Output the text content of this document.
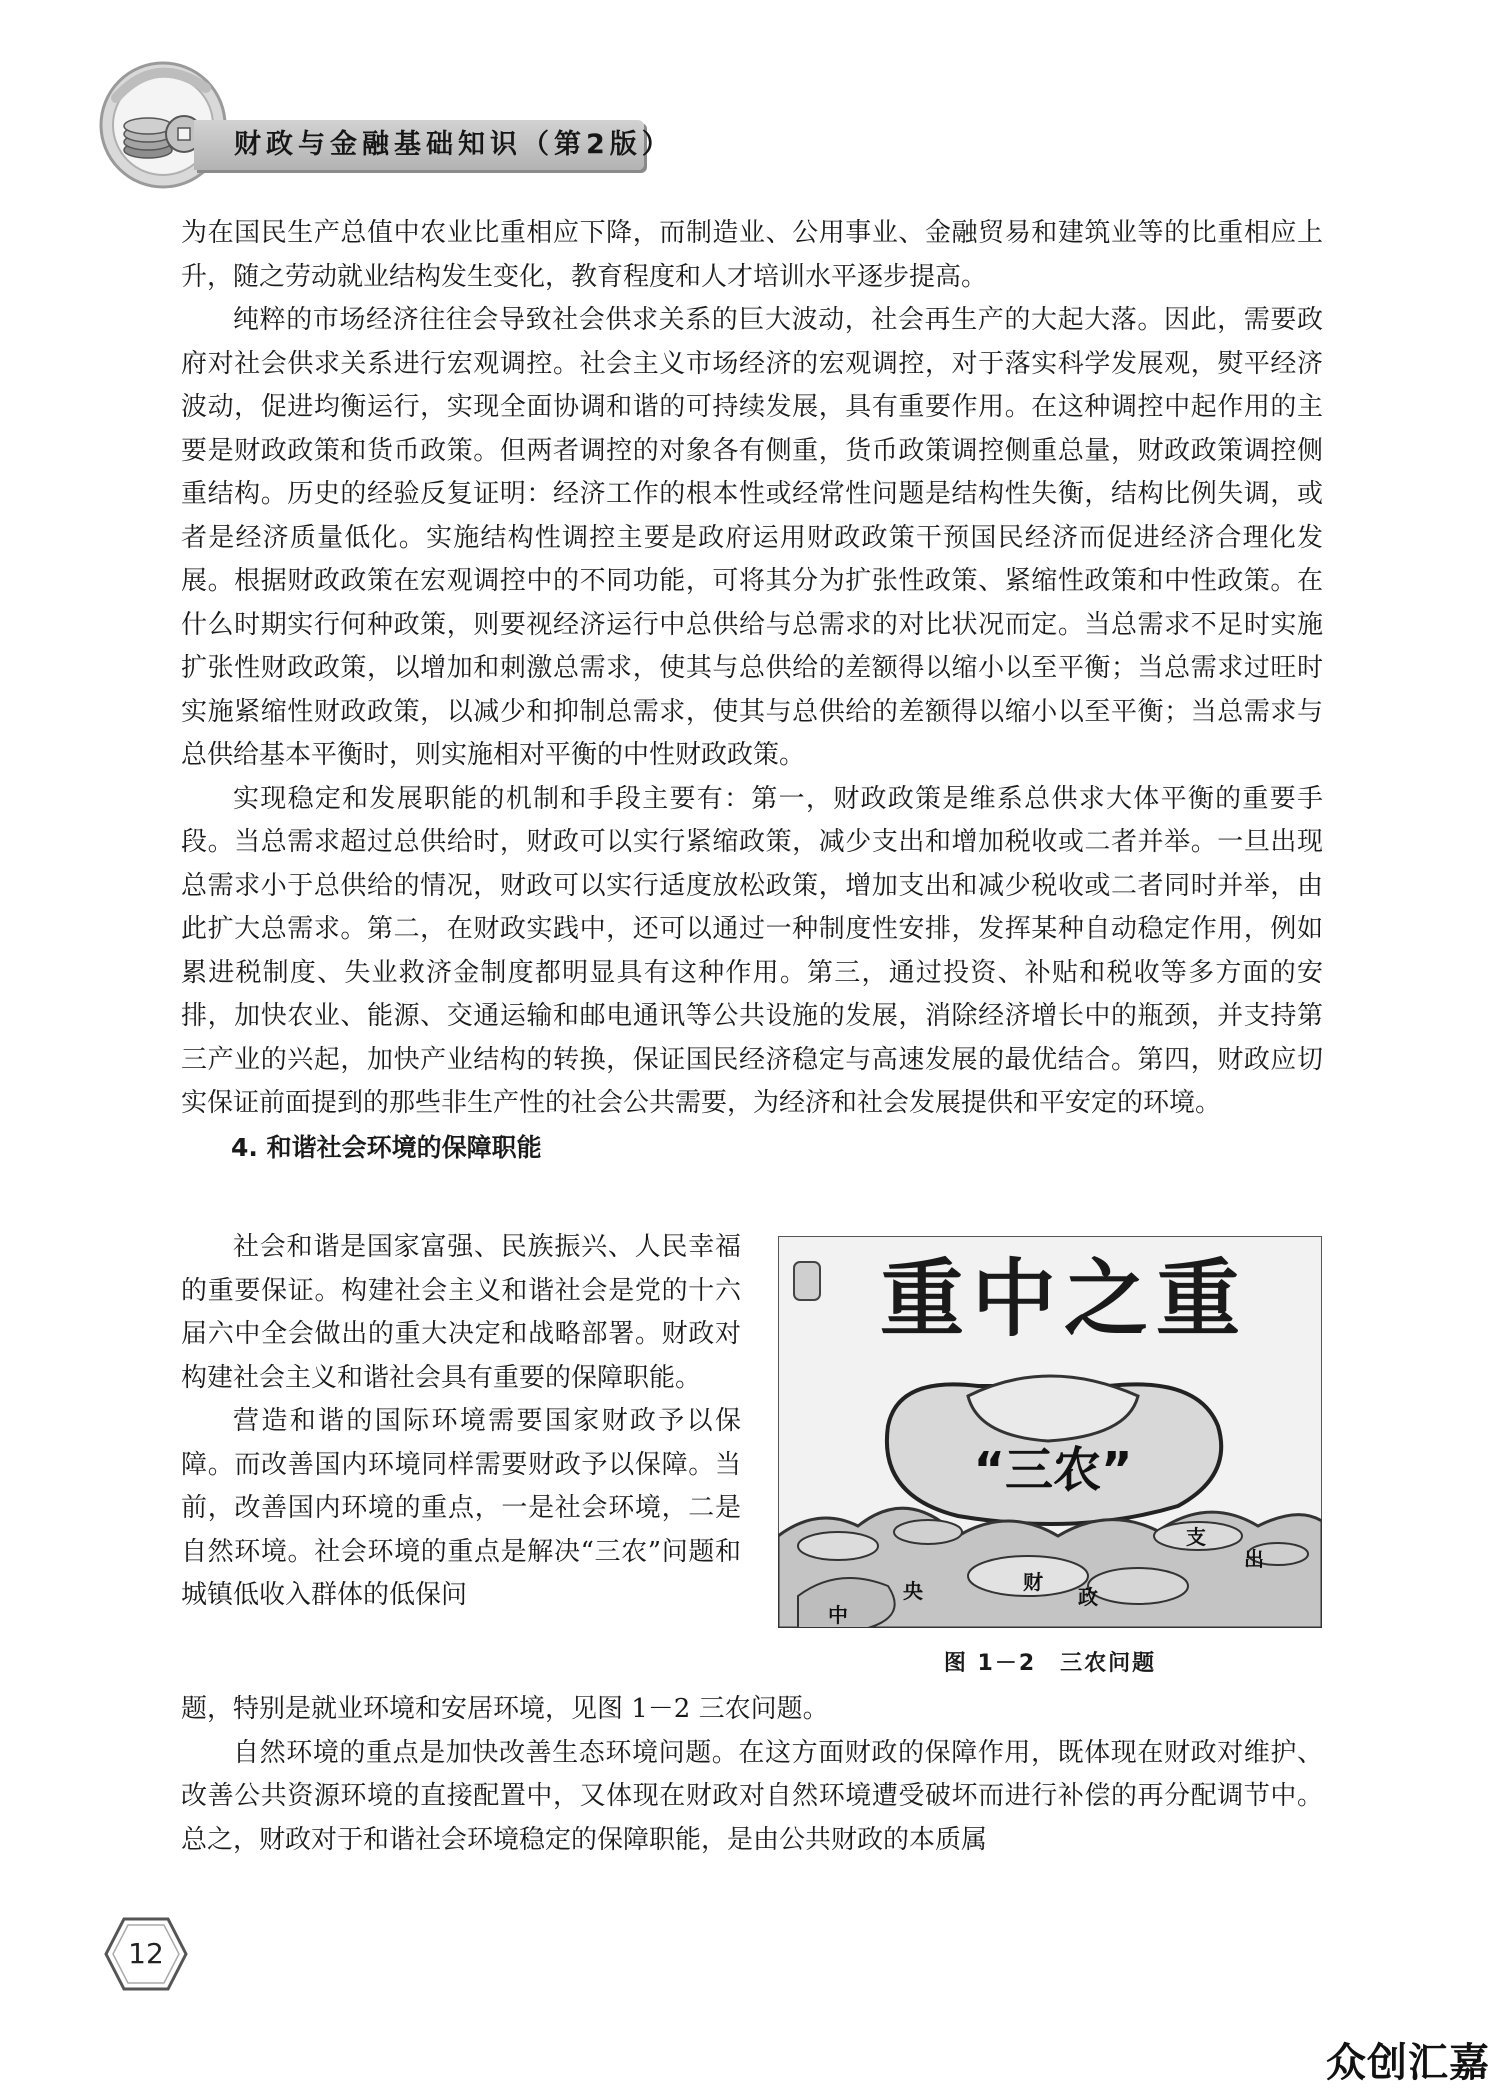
财政与金融基础知识（第2版）

为在国民生产总值中农业比重相应下降，而制造业、公用事业、金融贸易和建筑业等的比重相应上升，随之劳动就业结构发生变化，教育程度和人才培训水平逐步提高。

纯粹的市场经济往往会导致社会供求关系的巨大波动，社会再生产的大起大落。因此，需要政府对社会供求关系进行宏观调控。社会主义市场经济的宏观调控，对于落实科学发展观，熨平经济波动，促进均衡运行，实现全面协调和谐的可持续发展，具有重要作用。在这种调控中起作用的主要是财政政策和货币政策。但两者调控的对象各有侧重，货币政策调控侧重总量，财政政策调控侧重结构。历史的经验反复证明：经济工作的根本性或经常性问题是结构性失衡，结构比例失调，或者是经济质量低化。实施结构性调控主要是政府运用财政政策干预国民经济而促进经济合理化发展。根据财政政策在宏观调控中的不同功能，可将其分为扩张性政策、紧缩性政策和中性政策。在什么时期实行何种政策，则要视经济运行中总供给与总需求的对比状况而定。当总需求不足时实施扩张性财政政策，以增加和刺激总需求，使其与总供给的差额得以缩小以至平衡；当总需求过旺时实施紧缩性财政政策，以减少和抑制总需求，使其与总供给的差额得以缩小以至平衡；当总需求与总供给基本平衡时，则实施相对平衡的中性财政政策。

实现稳定和发展职能的机制和手段主要有：第一，财政政策是维系总供求大体平衡的重要手段。当总需求超过总供给时，财政可以实行紧缩政策，减少支出和增加税收或二者并举。一旦出现总需求小于总供给的情况，财政可以实行适度放松政策，增加支出和减少税收或二者同时并举，由此扩大总需求。第二，在财政实践中，还可以通过一种制度性安排，发挥某种自动稳定作用，例如累进税制度、失业救济金制度都明显具有这种作用。第三，通过投资、补贴和税收等多方面的安排，加快农业、能源、交通运输和邮电通讯等公共设施的发展，消除经济增长中的瓶颈，并支持第三产业的兴起，加快产业结构的转换，保证国民经济稳定与高速发展的最优结合。第四，财政应切实保证前面提到的那些非生产性的社会公共需要，为经济和社会发展提供和平安定的环境。

4. 和谐社会环境的保障职能

社会和谐是国家富强、民族振兴、人民幸福的重要保证。构建社会主义和谐社会是党的十六届六中全会做出的重大决定和战略部署。财政对构建社会主义和谐社会具有重要的保障职能。

营造和谐的国际环境需要国家财政予以保障。而改善国内环境同样需要财政予以保障。当前，改善国内环境的重点，一是社会环境，二是自然环境。社会环境的重点是解决“三农”问题和城镇低收入群体的低保问

重中之重
“三农”
中
央	财
政
支
出
图 1－2　三农问题

题，特别是就业环境和安居环境，见图 1－2 三农问题。

自然环境的重点是加快改善生态环境问题。在这方面财政的保障作用，既体现在财政对维护、改善公共资源环境的直接配置中，又体现在财政对自然环境遭受破坏而进行补偿的再分配调节中。总之，财政对于和谐社会环境稳定的保障职能，是由公共财政的本质属

12
众创汇嘉
